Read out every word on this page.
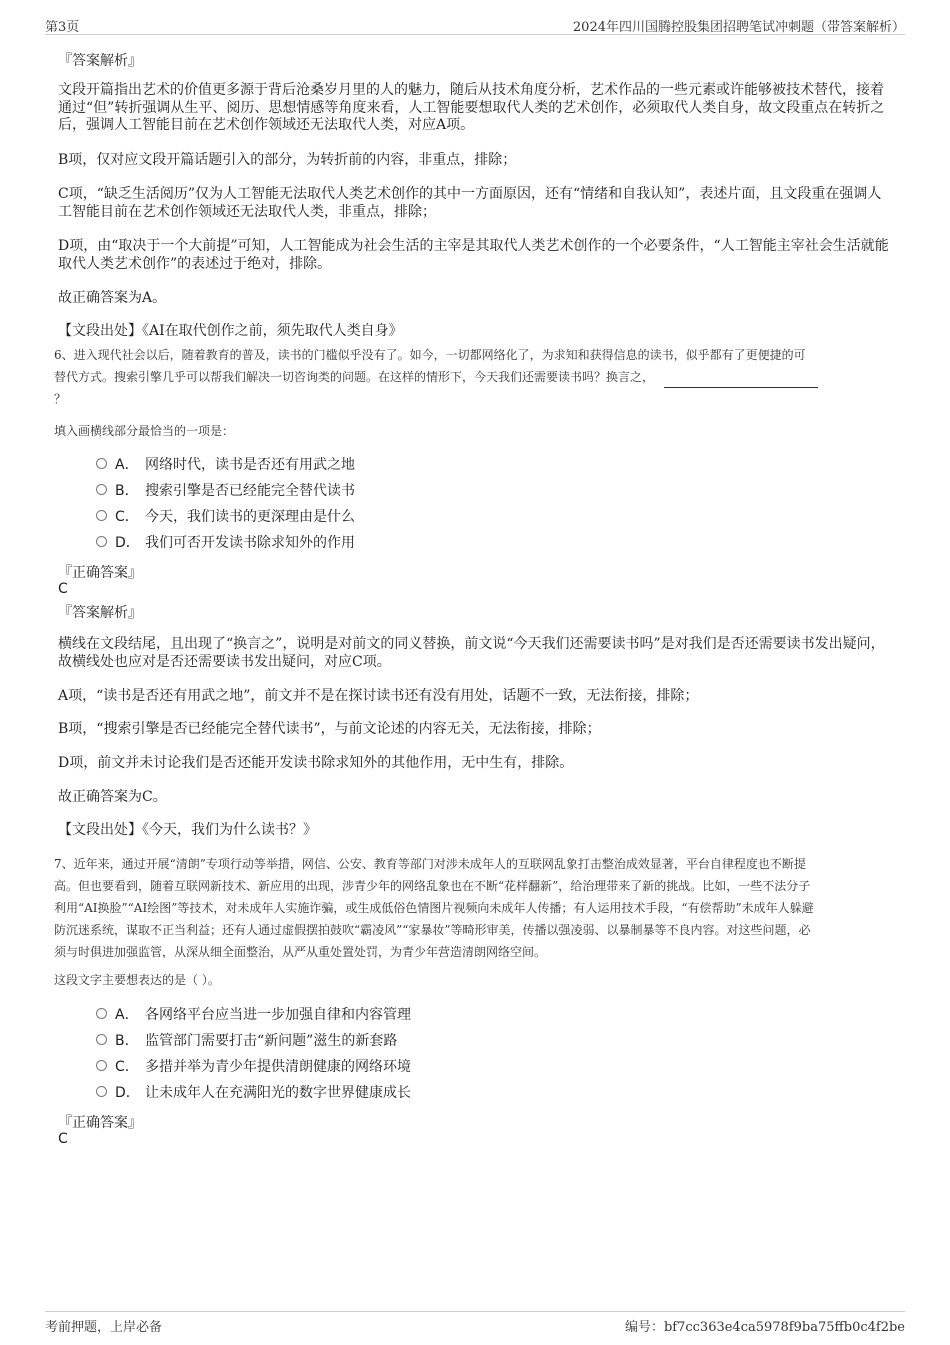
第3页	2024年四川国腾控股集团招聘笔试冲刺题（带答案解析）
『答案解析』
文段开篇指出艺术的价值更多源于背后沧桑岁月里的人的魅力，随后从技术角度分析，艺术作品的一些元素或许能够被技术替代，接着通过“但”转折强调从生平、阅历、思想情感等角度来看，人工智能要想取代人类的艺术创作，必须取代人类自身，故文段重点在转折之后，强调人工智能目前在艺术创作领域还无法取代人类，对应A项。
B项，仅对应文段开篇话题引入的部分，为转折前的内容，非重点，排除；
C项，“缺乏生活阅历”仅为人工智能无法取代人类艺术创作的其中一方面原因，还有“情绪和自我认知”，表述片面，且文段重在强调人工智能目前在艺术创作领域还无法取代人类，非重点，排除；
D项，由“取决于一个大前提”可知，人工智能成为社会生活的主宰是其取代人类艺术创作的一个必要条件，“人工智能主宰社会生活就能取代人类艺术创作”的表述过于绝对，排除。
故正确答案为A。
【文段出处】《AI在取代创作之前，须先取代人类自身》
6、进入现代社会以后，随着教育的普及，读书的门槛似乎没有了。如今，一切都网络化了，为求知和获得信息的读书，似乎都有了更便捷的可
替代方式。搜索引擎几乎可以帮我们解决一切咨询类的问题。在这样的情形下，今天我们还需要读书吗？换言之，
？
填入画横线部分最恰当的一项是：
A． 网络时代，读书是否还有用武之地
B． 搜索引擎是否已经能完全替代读书
C． 今天，我们读书的更深理由是什么
D． 我们可否开发读书除求知外的作用
『正确答案』
C
『答案解析』
横线在文段结尾，且出现了“换言之”，说明是对前文的同义替换，前文说“今天我们还需要读书吗”是对我们是否还需要读书发出疑问，故横线处也应对是否还需要读书发出疑问，对应C项。
A项，“读书是否还有用武之地”，前文并不是在探讨读书还有没有用处，话题不一致，无法衔接，排除；
B项，“搜索引擎是否已经能完全替代读书”，与前文论述的内容无关，无法衔接，排除；
D项，前文并未讨论我们是否还能开发读书除求知外的其他作用，无中生有，排除。
故正确答案为C。
【文段出处】《今天，我们为什么读书？》
7、近年来，通过开展“清朗”专项行动等举措，网信、公安、教育等部门对涉未成年人的互联网乱象打击整治成效显著，平台自律程度也不断提
高。但也要看到，随着互联网新技术、新应用的出现，涉青少年的网络乱象也在不断“花样翻新”，给治理带来了新的挑战。比如，一些不法分子
利用“AI换脸”“AI绘图”等技术，对未成年人实施诈骗，或生成低俗色情图片视频向未成年人传播；有人运用技术手段，“有偿帮助”未成年人躲避
防沉迷系统，谋取不正当利益；还有人通过虚假摆拍鼓吹“霸凌风”“家暴妆”等畸形审美，传播以强凌弱、以暴制暴等不良内容。对这些问题，必
须与时俱进加强监管，从深从细全面整治，从严从重处置处罚，为青少年营造清朗网络空间。
这段文字主要想表达的是（ ）。
A． 各网络平台应当进一步加强自律和内容管理
B． 监管部门需要打击“新问题”滋生的新套路
C． 多措并举为青少年提供清朗健康的网络环境
D． 让未成年人在充满阳光的数字世界健康成长
『正确答案』
C
考前押题，上岸必备	编号：bf7cc363e4ca5978f9ba75ffb0c4f2be
